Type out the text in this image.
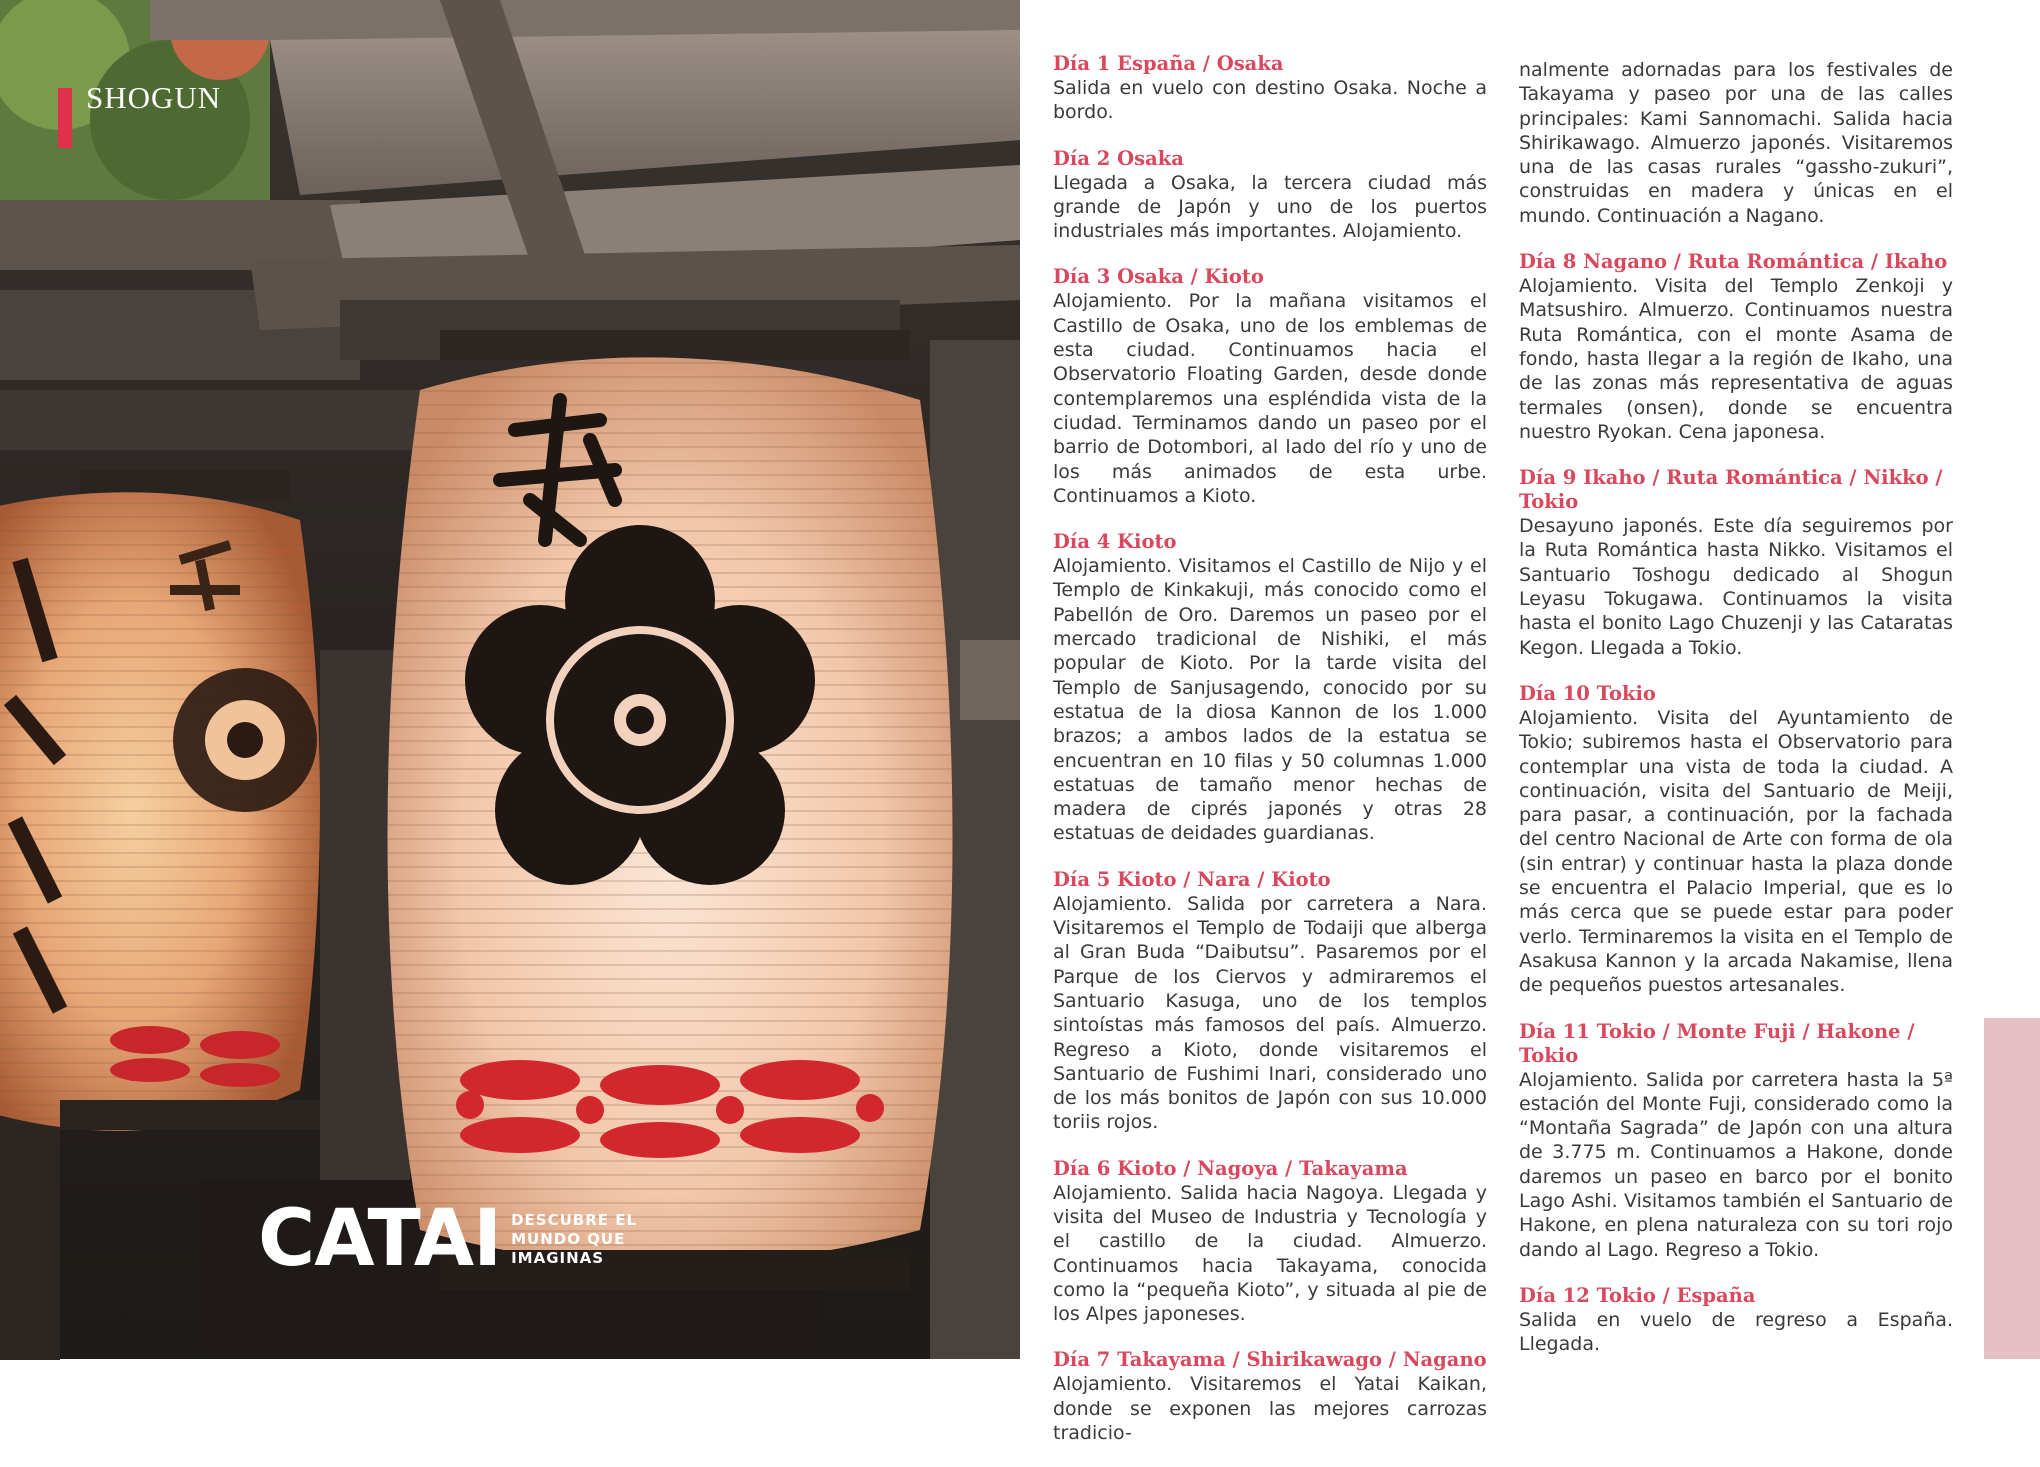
SHOGUN
CATAI DESCUBRE EL
MUNDO QUE
IMAGINAS
Día 1 España / Osaka
Salida en vuelo con destino Osaka. Noche a bordo.
Día 2 Osaka
Llegada a Osaka, la tercera ciudad más grande de Japón y uno de los puertos industriales más importantes. Alojamiento.
Día 3 Osaka / Kioto
Alojamiento. Por la mañana visitamos el Castillo de Osaka, uno de los emblemas de esta ciudad. Continuamos hacia el Observatorio Floating Garden, desde donde contemplaremos una espléndida vista de la ciudad. Terminamos dando un paseo por el barrio de Dotombori, al lado del río y uno de los más animados de esta urbe. Continuamos a Kioto.
Día 4 Kioto
Alojamiento. Visitamos el Castillo de Nijo y el Templo de Kinkakuji, más conocido como el Pabellón de Oro. Daremos un paseo por el mercado tradicional de Nishiki, el más popular de Kioto. Por la tarde visita del Templo de Sanjusagendo, conocido por su estatua de la diosa Kannon de los 1.000 brazos; a ambos lados de la estatua se encuentran en 10 filas y 50 columnas 1.000 estatuas de tamaño menor hechas de madera de ciprés japonés y otras 28 estatuas de deidades guardianas.
Día 5 Kioto / Nara / Kioto
Alojamiento. Salida por carretera a Nara. Visitaremos el Templo de Todaiji que alberga al Gran Buda “Daibutsu”. Pasaremos por el Parque de los Ciervos y admiraremos el Santuario Kasuga, uno de los templos sintoístas más famosos del país. Almuerzo. Regreso a Kioto, donde visitaremos el Santuario de Fushimi Inari, considerado uno de los más bonitos de Japón con sus 10.000 toriis rojos.
Día 6 Kioto / Nagoya / Takayama
Alojamiento. Salida hacia Nagoya. Llegada y visita del Museo de Industria y Tecnología y el castillo de la ciudad. Almuerzo. Continuamos hacia Takayama, conocida como la “pequeña Kioto”, y situada al pie de los Alpes japoneses.
Día 7 Takayama / Shirikawago / Nagano
Alojamiento. Visitaremos el Yatai Kaikan, donde se exponen las mejores carrozas tradicio-
nalmente adornadas para los festivales de Takayama y paseo por una de las calles principales: Kami Sannomachi. Salida hacia Shirikawago. Almuerzo japonés. Visitaremos una de las casas rurales “gassho-zukuri”, construidas en madera y únicas en el mundo. Continuación a Nagano.
Día 8 Nagano / Ruta Romántica / Ikaho
Alojamiento. Visita del Templo Zenkoji y Matsushiro. Almuerzo. Continuamos nuestra Ruta Romántica, con el monte Asama de fondo, hasta llegar a la región de Ikaho, una de las zonas más representativa de aguas termales (onsen), donde se encuentra nuestro Ryokan. Cena japonesa.
Día 9 Ikaho / Ruta Romántica / Nikko / Tokio
Desayuno japonés. Este día seguiremos por la Ruta Romántica hasta Nikko. Visitamos el Santuario Toshogu dedicado al Shogun Leyasu Tokugawa. Continuamos la visita hasta el bonito Lago Chuzenji y las Cataratas Kegon. Llegada a Tokio.
Día 10 Tokio
Alojamiento. Visita del Ayuntamiento de Tokio; subiremos hasta el Observatorio para contemplar una vista de toda la ciudad. A continuación, visita del Santuario de Meiji, para pasar, a continuación, por la fachada del centro Nacional de Arte con forma de ola (sin entrar) y continuar hasta la plaza donde se encuentra el Palacio Imperial, que es lo más cerca que se puede estar para poder verlo. Terminaremos la visita en el Templo de Asakusa Kannon y la arcada Nakamise, llena de pequeños puestos artesanales.
Día 11 Tokio / Monte Fuji / Hakone / Tokio
Alojamiento. Salida por carretera hasta la 5ª estación del Monte Fuji, considerado como la “Montaña Sagrada” de Japón con una altura de 3.775 m. Continuamos a Hakone, donde daremos un paseo en barco por el bonito Lago Ashi. Visitamos también el Santuario de Hakone, en plena naturaleza con su tori rojo dando al Lago. Regreso a Tokio.
Día 12 Tokio / España
Salida en vuelo de regreso a España. Llegada.
